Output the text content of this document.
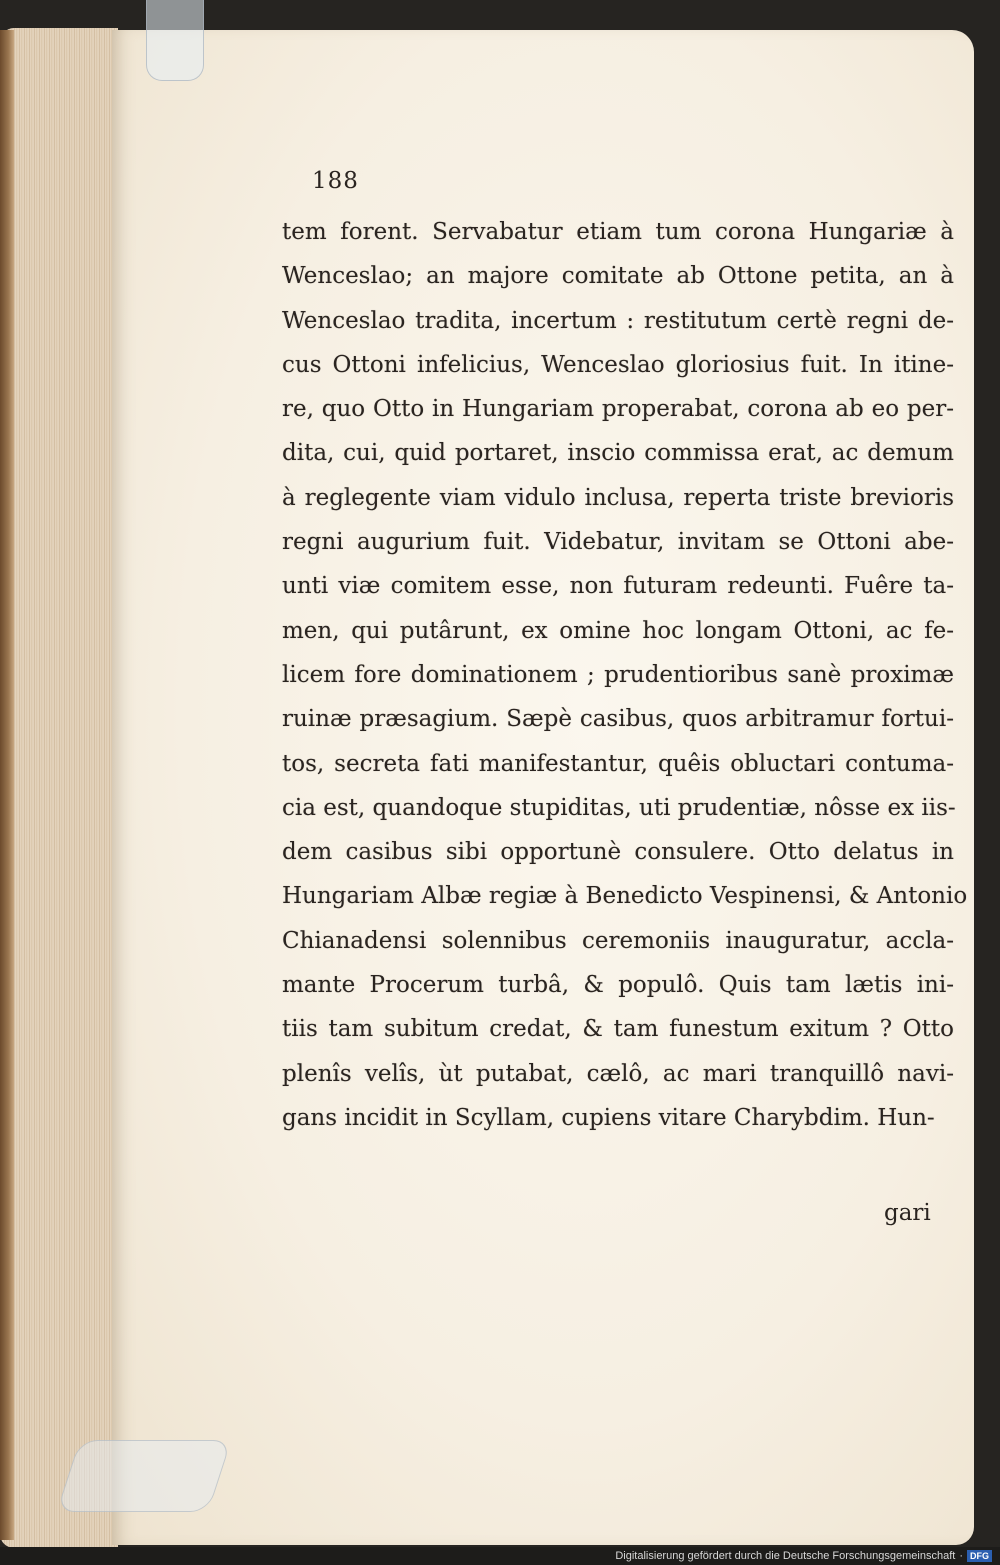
188
tem forent. Servabatur etiam tum corona Hungariæ à
Wenceslao; an majore comitate ab Ottone petita, an à
Wenceslao tradita, incertum : restitutum certè regni de-
cus Ottoni infelicius, Wenceslao gloriosius fuit. In itine-
re, quo Otto in Hungariam properabat, corona ab eo per-
dita, cui, quid portaret, inscio commissa erat, ac demum
à reglegente viam vidulo inclusa, reperta triste brevioris
regni augurium fuit. Videbatur, invitam se Ottoni abe-
unti viæ comitem esse, non futuram redeunti. Fuêre ta-
men, qui putârunt, ex omine hoc longam Ottoni, ac fe-
licem fore dominationem ; prudentioribus sanè proximæ
ruinæ præsagium. Sæpè casibus, quos arbitramur fortui-
tos, secreta fati manifestantur, quêis obluctari contuma-
cia est, quandoque stupiditas, uti prudentiæ, nôsse ex iis-
dem casibus sibi opportunè consulere. Otto delatus in
Hungariam Albæ regiæ à Benedicto Vespinensi, & Antonio
Chianadensi solennibus ceremoniis inauguratur, accla-
mante Procerum turbâ, & populô. Quis tam lætis ini-
tiis tam subitum credat, & tam funestum exitum ? Otto
plenîs velîs, ùt putabat, cælô, ac mari tranquillô navi-
gans incidit in Scyllam, cupiens vitare Charybdim. Hun-
gari
Digitalisierung gefördert durch die Deutsche Forschungsgemeinschaft · DFG
